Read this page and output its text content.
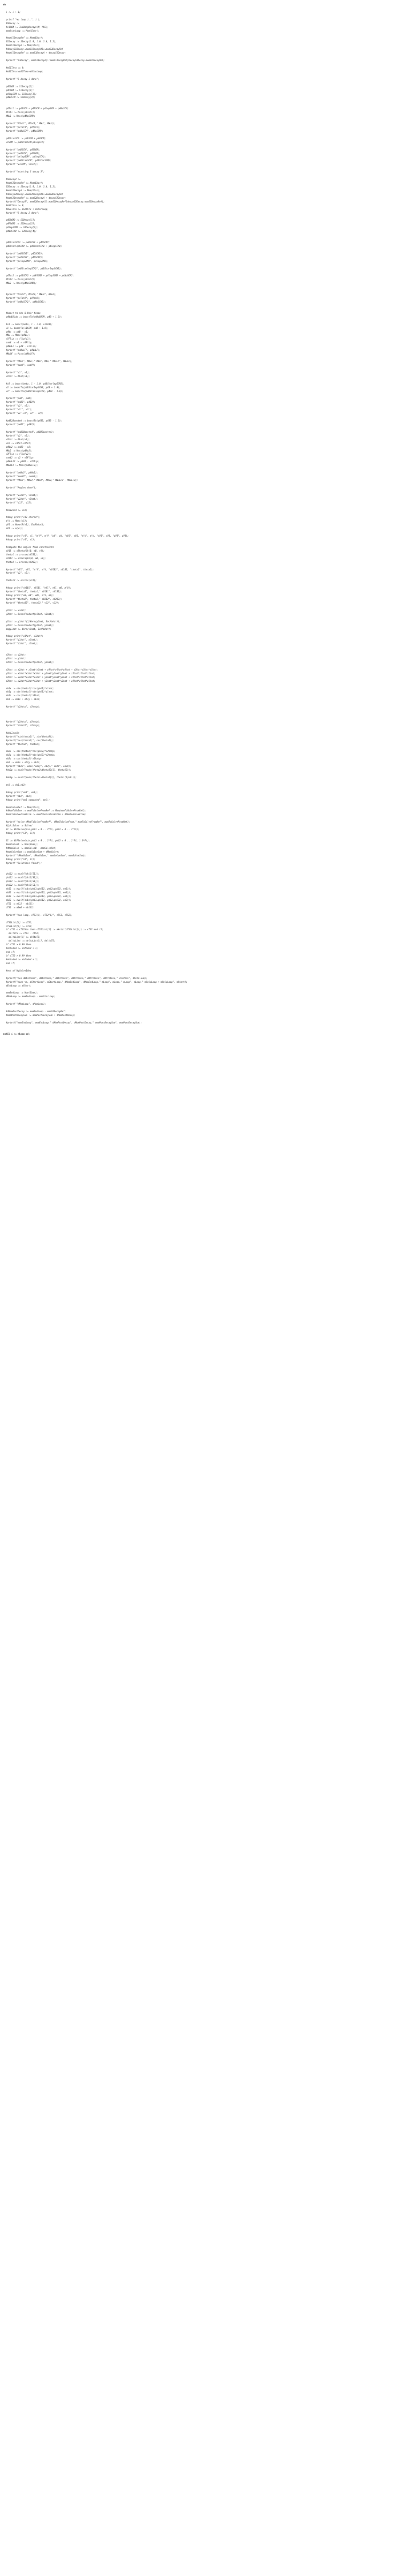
do
i := i + 1;
printf "%o loop i..", i );
#SDecay :=
#v1SCM := TwoBodyDecayA(M, MSS);
momStarLoop := Mom(Ebar);
#momS1DecayRef := Mom(Ebar);
S1Decay := SDecay(1.0, 1.0, 1.0, 1.2);
#momS1DecayA := Mom(Ebar);
#decayS1Decay:=momS1DecayA#l:=momS1DecayRef
#momS1DecayRef := momS1DecayA + decayS1Decay;
#printf "S1Decay", momS1DecayA[l:momS1DecayRef]decayS1Decay.momS1DecayRef;
#mS1Thru := 0;
#mS1Thru:=mS1Thru+mStarLoop;
#printf "S decay 1 done";
p4DSCM := S1Decay[1];
p4PSCM := S1Decay[2];
p4lepSCM := S1Decay[3];
p4NuSCM := S1Decay[4];
p4Tot1 := p4DSCM + p4PSCM + p4lepSCM + p4NuSCM;
MTot1 := Mass(p4Tot1);
MNu1 := Mass(p4NuSCM);
#printf "MTot1", MTot1," MNu", MNu1);
#printf "p4Tot1", p4Tot1);
#printf "p4NuSCM", p4NuSCM);
p4DStarSCM := p4DSCM + p4PSCM;
v1SCM := p4DStarSCM+p4lepSCM;
#printf "p4DSCM", p4DSCM);
#printf "p4PSCM", p4PSCM);
#printf "p4lepSCM", p4lepSCM);
#printf "p4DStarSCM", p4DStarSCM);
#printf "v1SCM", v1SCM);
#printf "starting S decay 2";
#SDecay2 :=
#momS2DecayRef := Mom(Ebar);
S2Decay := SDecay(1.0, 1.0, 1.0, 1.2);
#momS2DecayA := Mom(Ebar);
#decayS2Decay:=momS2DecayA#l:=momS2DecayRef
#momS2DecayRef := momS2DecayA + decayS2Decay;
#printf("Decay2", momS2DecayA[l:momS2DecayRef]decayS2Decay.momS2DecayRef);
#mS2Thru := 0;
#mS2Thru := mS2Thru + mStarLoop;
#printf "S decay 2 done";
p4DSCM2 := S2Decay[1];
p4PSCM2 := S2Decay[2];
p4lepSCM2 := S2Decay[3];
p4NuSCM2 := S2Decay[4];
p4DStarSCM2 := p4DSCM2 + p4PSCM2;
p4DStarlepSCM2 := p4DStarSCM2 + p4lepSCM2;
#printf "p4DSCM2", p4DSCM2);
#printf "p4PSCM2", p4PSCM2);
#printf "p4lepSCM2", p4lepSCM2);
#printf "p4DStarlepSCM2", p4DStarlepSCM2);
p4Tot2 := p4DSCM2 + p4PSCM2 + p4lepSCM2 + p4NuSCM2;
MTot2 := Mass(p4Tot2);
MNu2 := Mass(p4NuSCM2);
#printf "MTot2", MTot2," MNu2", MNu2);
#printf "p4Tot2", p4Tot2);
#printf "p4NuSCM2", p4NuSCM2);
#boost to the B-Pair frame
p4NuB2Lab := boostTo(p4NuB2CM, p4B + 1.0);
#v1 := boost(beta, 1 - 1.0, v1SCM);
v1 := boostTo(v1SCM, p4B + 1.0);
p4Nu := p4B - v1;
MNu := Mass(p4Nu);
v1Flip := flip(v1);
sumV := v1 + v1Flip;
p4NuLF := p4B - v1Flip;
#printf "p4NuLF", p4NuLF);
MNuLF := Mass(p4NuLF);
#printf "MNu1", MNu1," MNu", MNu," MNuLF", MNuLF);
#printf "sumV", sumV);
#printf "v1", v1);
v1hat := Nhat(v1);
#v2 := boost(beta, 1 - 1.0, p4DStarlepSCM2);
v2 := boostTo(p4DStarlepSCM2, p4B + 1.0);
v2' := boostTo(p4DStarlepSCM2, p4B2 - 1.0);
#printf "p4B", p4B);
#printf "p4B2", p4B2);
#printf "v2", v2);
#printf "v2'", v2');
#printf "v2'-v2", v2' - v2);
#p4B2Boosted := boostTo(p4B2, p4B2 - 1.0);
#printf "p4B2", p4B2);
#printf "p4B2Boosted", p4B2Boosted);
#printf "v2", v2);
v2hat := Nhat(v2);
v12 := v1hat.v2hat;
p4Nu2 := p4B2 - v2;
MNu2 := Mass(p4Nu2);
v2Flip := flip(v2);
sumV2 := v2 + v2Flip;
p4NuLF2 := p4B2 - v2Flip;
MNuLF2 := Mass(p4NuLF2);
#printf "p4Nu2", p4Nu2);
#printf "sumV2", sumV2);
#printf "MNu2", MNu2," MNu2", MNu2," MNuLF2", MNuLF2);
#printf "Angles done");
#printf "v1hat", v1hat);
#printf "v2hat", v2hat);
#printf "v12", v12);
#mi12old := v12;
#doug print("v12 stored");
m'V := Mass(v1);
pV1 := Norm(P(v1), EucMahat);
eV1 := e(v1);
#doug print("v1", v1, "m'V", m'V, "pV", pV, "eV1", eV1, "m'V", m'V, "sV1", sV1, "pV1", pV1);
#doug print("v1", v1);
#compute the angles from constraints
sV1B := sTheta(Ch(B, mB, v1);
theta1 := arccos(sV1B1);
sV2B2 := sTheta(Ch(B, mB, v2);
theta2 := arccos(sV2B2);
#printf "eV1", eV1, "m'V", m'V, "sV1B2", sV1B2, "theta1", theta1);
#printf "v2", v2);
theta12 := arccos(v12);
#doug print("sV1B1", sV1B1, "eV1", eV1, mB, m'V);
#printf "theta1", theta1," sV1B1", sV1B1);
#doug print("eB, mB", eB1, m'V, mB);
#printf "theta2", theta2," sV2B2", sV2B2);
#printf "theta12", theta12," v12", v12);
y1hat := v1hat;
y2hat := CrossProduct(v1hat, v2hat);
y1hat := y1hat*(1/Norm(y1hat, EucMahat));
y2hat := CrossProduct(y2hat, y1hat);
magy1hat := Norm(v1hat, EucMahat);
#doug print("x1hat", x1hat);
#printf "y1hat", y1hat);
#printf "z1hat", z1hat);
x2hat := v2hat;
y2hat := y1hat;
z2hat := CrossProduct(x2hat, y2hat);
x2hat := x2hat + x1hat*x1hat + y2hat*y1hat*y2hat + z2hat*z1hat*z1hat;
y2hat := x2hat*x1hat*x1hat + y2hat*y1hat*y2hat + z2hat*z1hat*z1hat;
z2hat := x2hat*x1hat*x1hat + y2hat*y1hat*y2hat + z2hat*z1hat*z1hat;
z2hat := x2hat*x1hat*x1hat + y2hat*y1hat*y2hat + z2hat*z1hat*z1hat;
eb1x := sin(theta1)*cos(phi1)*x1hat;
eb1y := sin(theta1)*sin(phi1)*y1hat;
eb1z := cos(theta1)*z1hat;
eb1 := eb1x + eb1y + eb1z;
#printf "z2hatp", z2hatp);
#printf "y2hatp", y2hatp);
#printf "z2hatP", z2hatp);
#phiInvald
#printf("sin(theta2)", sin(theta2));
#printf("cos(theta2)", cos(theta2));
#printf "theta2", theta2);
eb2x := sin(theta2)*cos(phi2)*x2hatp;
eb2y := sin(theta2)*sin(phi2)*y2hatp;
eb2z := cos(theta2)*z2hatp;
eb2 := eb2x + eb2y + eb2z;
#printf "eb2x", eb2x,"eb2y", eb2y," eb2z", eb2z);
#eb2p := evalf(subs(theta2=theta12[1], theta12));
#eb1p := evalf(subs(theta1=theta1[1], theta1[1]eb1));
mnl := eb1.eb2;
#doug print("eb1", eb1);
#printf "eb2", eb2);
#doug print("mnl computed", mnl);
#momSolveRef := Mom(Ebar);
#dMomToSolve := momToSolveFromRef := Mom(momToSolveFromRef);
#momToSolveFromSlim := momToSolveFromSlim + dMomToSolveFrom;
#printf "solve dMomToSolveFromRef", dMomToSolveFrom," momToSolveFromRef", momToSolveFromRef);
#[phiSolve := Solve(
S1 := NLPSolve(min,phi1 = 0 .. 2*Pi, phi2 = 0 .. 2*Pi);
#doug print("S1", S1);
S1 := NLPSolve(min,phi1 = 0 .. 2*Pi, phi2 = 0 .. 2*Pi, 1.0*Pi);
#momSolveB := Mom(Ebar);
#dMomSolve := momSolveB - momSolveRef;
#momSolveSum := momSolveSum + dMomSolve;
#printf "dMomSolve", dMomSolve," momSolveSum", momSolveSum);
#doug print("S1", S1);
#printf "Solutions found");
phi12 := evalf(phi1[S1]);
phi22 := evalf(phi2[S1]);
phi12 := evalf(phi1[S1]);
phi22 := evalf(phi2[S1]);
eb12 := evalf(subs(phi1=phi12, phi2=phi22, eb1));
eb22 := evalf(subs(phi1=phi12, phi2=phi22, eb2));
eb12 := evalf(subs(phi1=phi12, phi2=phi22, eb1));
eb22 := evalf(subs(phi1=phi12, phi2=phi22, eb2));
cTS1 := eb12 - eb1S1;
cTS2 := m2eB + eb1S2;
#printf "dca loop, cTS1(i), cTS2(i)", cTS1, cTS2);
cTS1List[i] := cTS1;
cTS2List[i] := cTS2;
if cTS1 < cTS1Max then cTS1List[i] := mkstat(cTS1List[i]) := cTS1 end if;
deltaTS := cTS1 - cTS2;
deltaList[i] := deltaTS;
deltaList := deltaList[i], deltaTS;
if cTS1 > 0.99 then
#ehfaded := ehfaded + 1;
end if;
if cTS2 > 0.99 then
#ehfaded := ehfaded + 1;
end if;
#end of MySolveIdea
#printf("dca dBtThTmie", dBtThTmie," dBtThTmie", dBtThTmie," dBtThTmie", dBtThTmie," dscPsrn", dTotalSum);
#printf("done %s, mStartLoop", mStartLoop," dMomEndLoop", dMomEndLoop," mLoop", mLoop," mLoop", mLoop," mSkipLoop + mSkipLoop", mStart);
mEndLoop := mStart;
momEndLoop := Mom(Ebar);
dMomLoop := momEndLoop - momStarLoop;
#printf "dMomLoop", dMomLoop);
#dMomPostDecay := momEndLoop - momS2DecayRef;
#momPostDecaySum := momPostDecaySum + dMomPostDecay;
#printf("momEndLoop", momEndLoop," dMomPostDecay", dMomPostDecay," momPostDecaySum", momPostDecaySum);
until i >= nLoop od;
